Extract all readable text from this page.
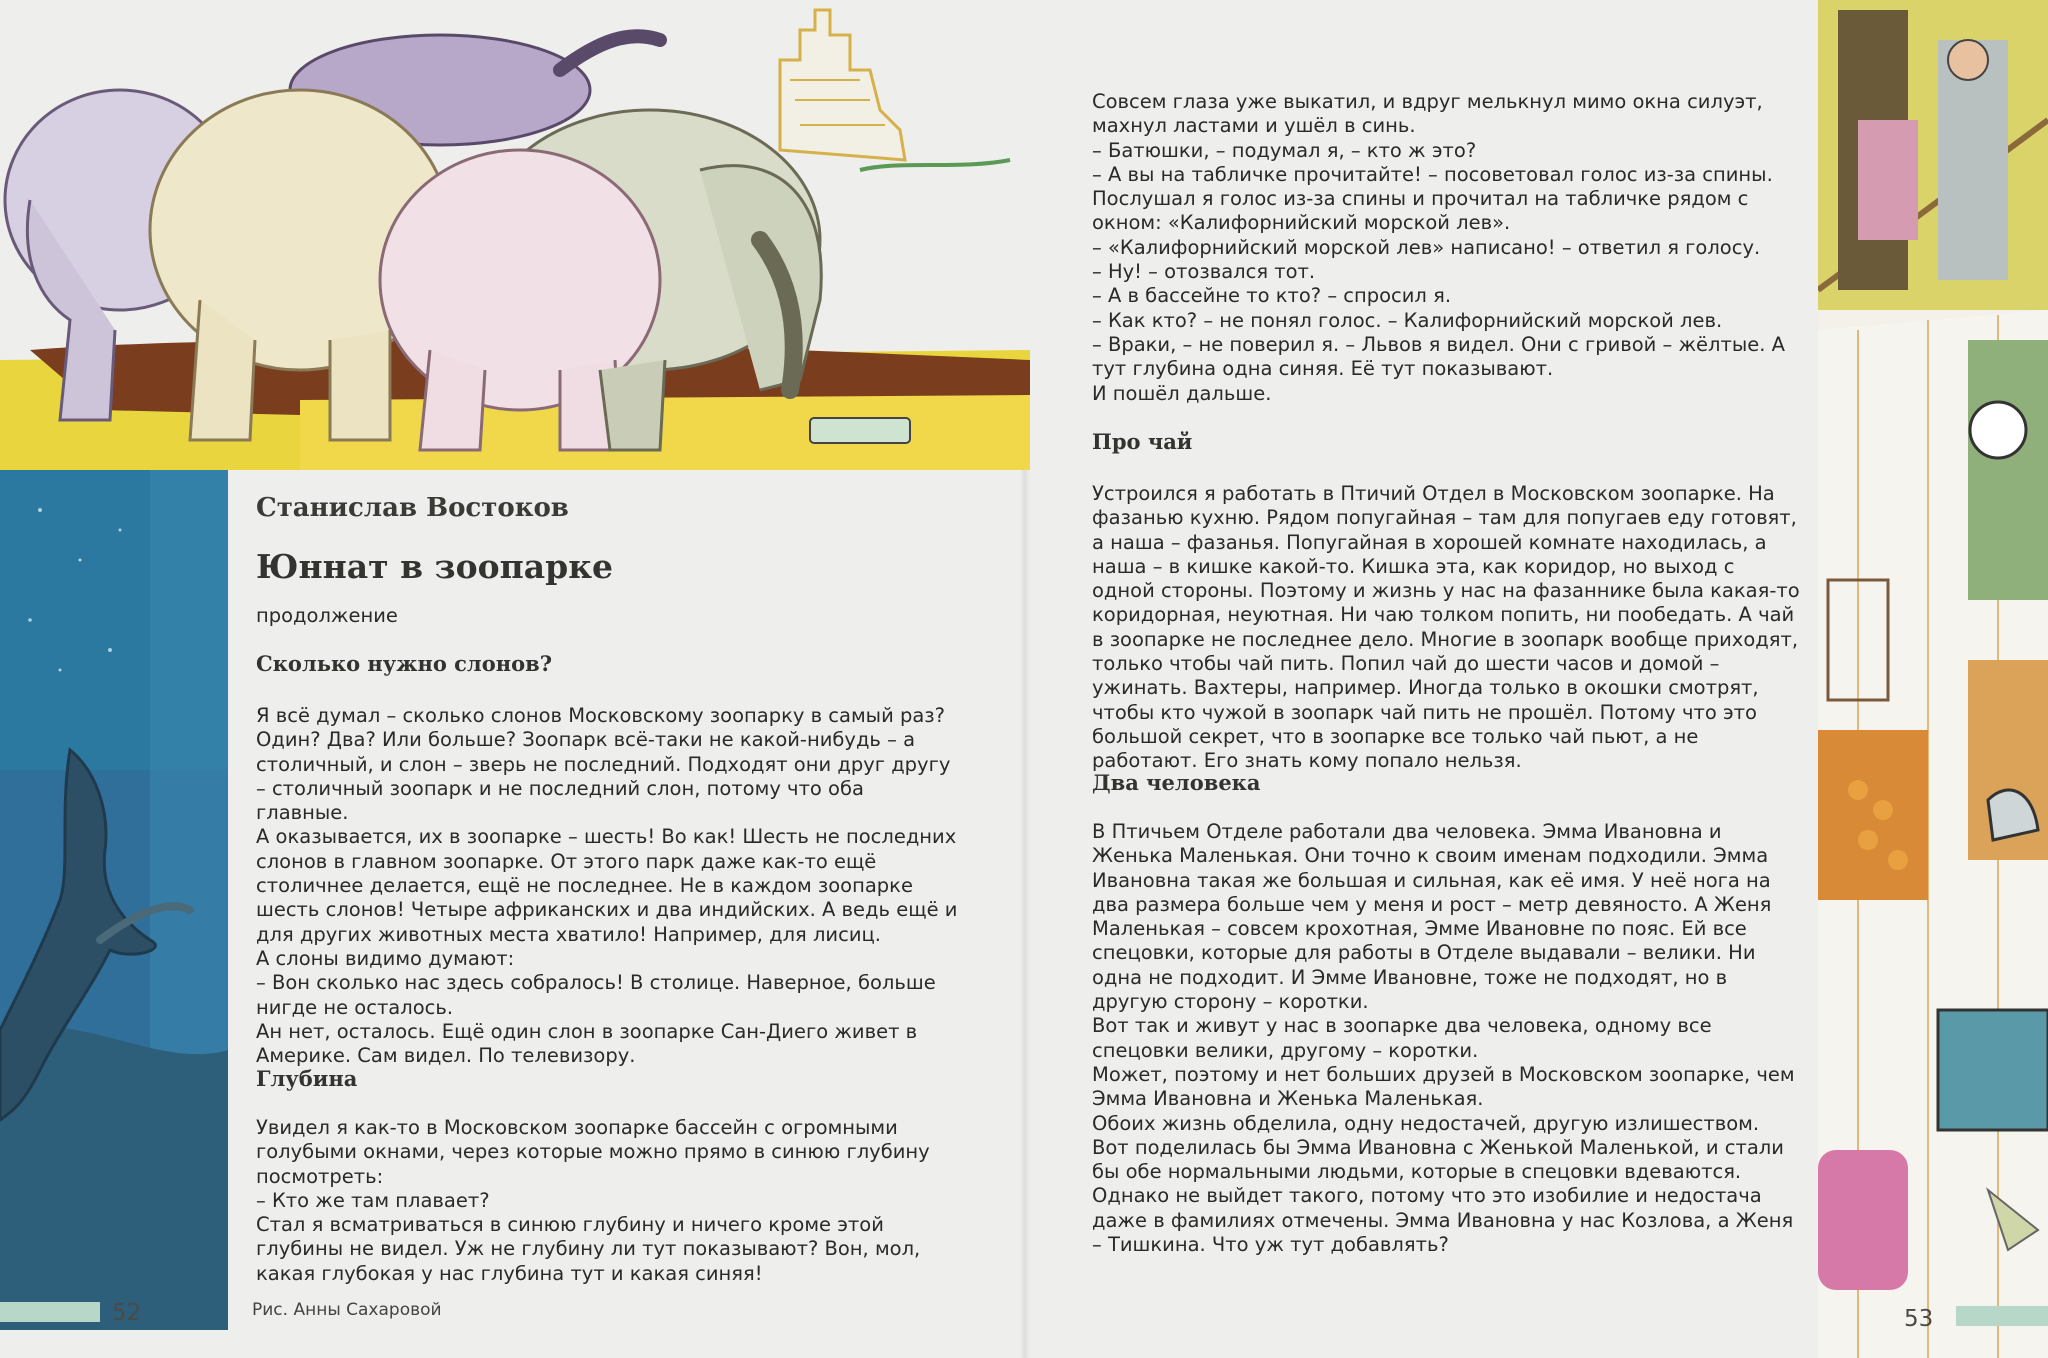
Станислав Востоков
Юннат в зоопарке
продолжение
Сколько нужно слонов?

Я всё думал – сколько слонов Московскому зоопарку в самый раз? Один? Два? Или больше? Зоопарк всё-таки не какой-нибудь – а столичный, и слон – зверь не последний. Подходят они друг другу – столичный зоопарк и не последний слон, потому что оба главные.

А оказывается, их в зоопарке – шесть! Во как! Шесть не последних слонов в главном зоопарке. От этого парк даже как-то ещё столичнее делается, ещё не последнее. Не в каждом зоопарке шесть слонов! Четыре африканских и два индийских. А ведь ещё и для других животных места хватило! Например, для лисиц.

А слоны видимо думают:

– Вон сколько нас здесь собралось! В столице. Наверное, больше нигде не осталось.

Ан нет, осталось. Ещё один слон в зоопарке Сан-Диего живет в Америке. Сам видел. По телевизору.

Глубина

Увидел я как-то в Московском зоопарке бассейн с огромными голубыми окнами, через которые можно прямо в синюю глубину посмотреть:

– Кто же там плавает?

Стал я всматриваться в синюю глубину и ничего кроме этой глубины не видел. Уж не глубину ли тут показывают? Вон, мол, какая глубокая у нас глубина тут и какая синяя!

52	Рис. Анны Сахаровой

Совсем глаза уже выкатил, и вдруг мелькнул мимо окна силуэт, махнул ластами и ушёл в синь.

– Батюшки, – подумал я, – кто ж это?

– А вы на табличке прочитайте! – посоветовал голос из-за спины.

Послушал я голос из-за спины и прочитал на табличке рядом с окном: «Калифорнийский морской лев».

– «Калифорнийский морской лев» написано! – ответил я голосу.

– Ну! – отозвался тот.

– А в бассейне то кто? – спросил я.

– Как кто? – не понял голос. – Калифорнийский морской лев.

– Враки, – не поверил я. – Львов я видел. Они с гривой – жёлтые. А тут глубина одна синяя. Её тут показывают.

И пошёл дальше.

Про чай

Устроился я работать в Птичий Отдел в Московском зоопарке. На фазанью кухню. Рядом попугайная – там для попугаев еду готовят, а наша – фазанья. Попугайная в хорошей комнате находилась, а наша – в кишке какой-то. Кишка эта, как коридор, но выход с одной стороны. Поэтому и жизнь у нас на фазаннике была какая-то коридорная, неуютная. Ни чаю толком попить, ни пообедать. А чай в зоопарке не последнее дело. Многие в зоопарк вообще приходят, только чтобы чай пить. Попил чай до шести часов и домой – ужинать. Вахтеры, например. Иногда только в окошки смотрят, чтобы кто чужой в зоопарк чай пить не прошёл. Потому что это большой секрет, что в зоопарке все только чай пьют, а не работают. Его знать кому попало нельзя.

Два человека

В Птичьем Отделе работали два человека. Эмма Ивановна и Женька Маленькая. Они точно к своим именам подходили. Эмма Ивановна такая же большая и сильная, как её имя. У неё нога на два размера больше чем у меня и рост – метр девяносто. А Женя Маленькая – совсем крохотная, Эмме Ивановне по пояс. Ей все спецовки, которые для работы в Отделе выдавали – велики. Ни одна не подходит. И Эмме Ивановне, тоже не подходят, но в другую сторону – коротки.

Вот так и живут у нас в зоопарке два человека, одному все спецовки велики, другому – коротки.

Может, поэтому и нет больших друзей в Московском зоопарке, чем Эмма Ивановна и Женька Маленькая.

Обоих жизнь обделила, одну недостачей, другую излишеством. Вот поделилась бы Эмма Ивановна с Женькой Маленькой, и стали бы обе нормальными людьми, которые в спецовки вдеваются.

Однако не выйдет такого, потому что это изобилие и недостача даже в фамилиях отмечены. Эмма Ивановна у нас Козлова, а Женя – Тишкина. Что уж тут добавлять?

53
